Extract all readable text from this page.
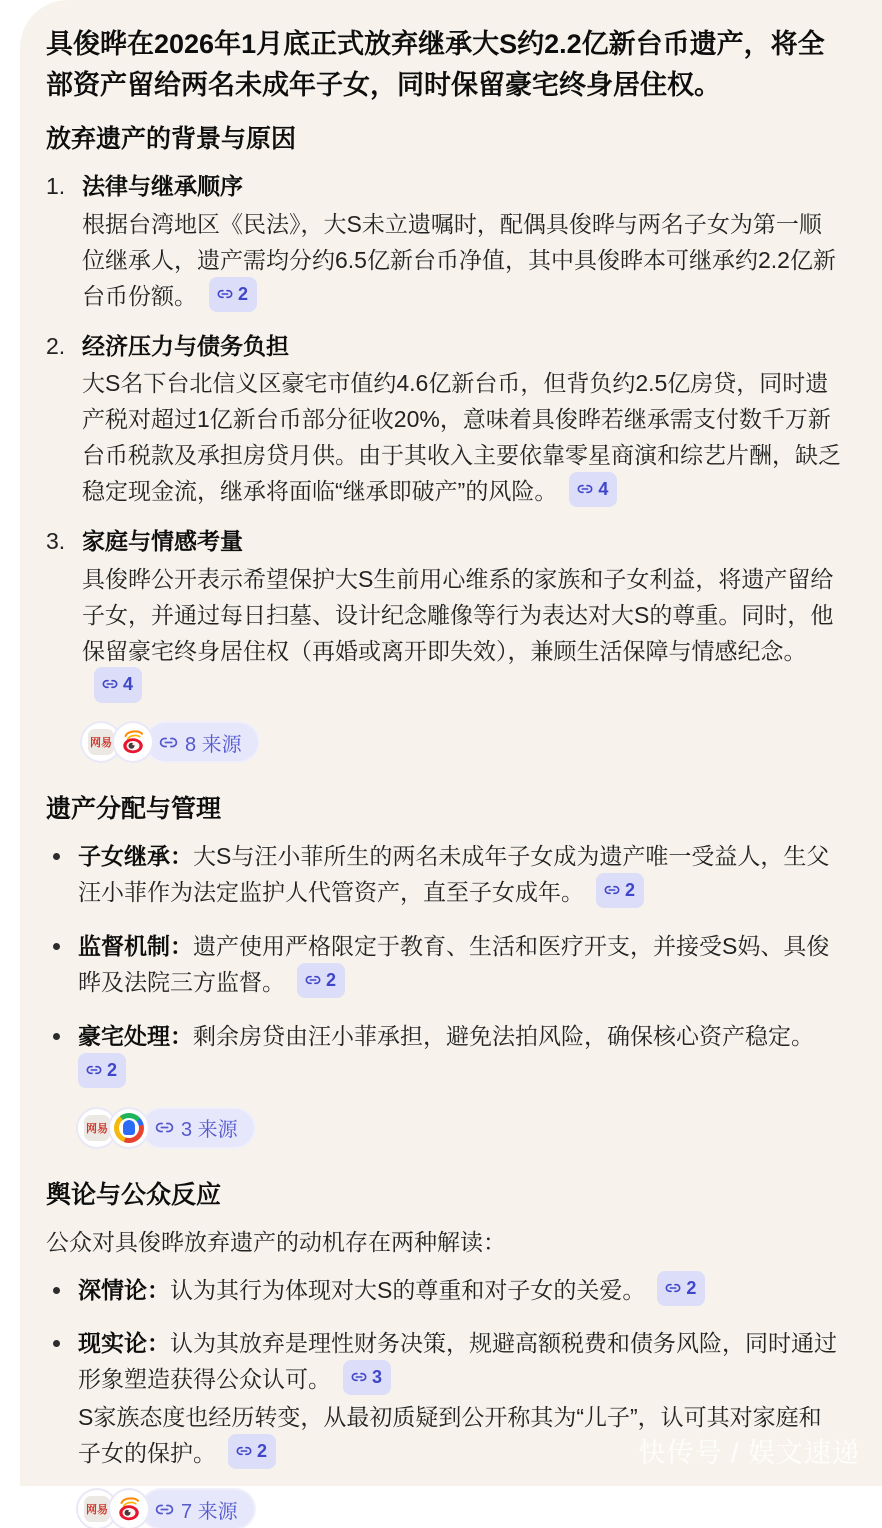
具俊晔在2026年1月底正式放弃继承大S约2.2亿新台币遗产，将全部资产留给两名未成年子女，同时保留豪宅终身居住权。

放弃遗产的背景与原因
1. 法律与继承顺序
根据台湾地区《民法》，大S未立遗嘱时，配偶具俊晔与两名子女为第一顺位继承人，遗产需均分约6.5亿新台币净值，其中具俊晔本可继承约2.2亿新台币份额。 2
2. 经济压力与债务负担
大S名下台北信义区豪宅市值约4.6亿新台币，但背负约2.5亿房贷，同时遗产税对超过1亿新台币部分征收20%，意味着具俊晔若继承需支付数千万新台币税款及承担房贷月供。由于其收入主要依靠零星商演和综艺片酬，缺乏稳定现金流，继承将面临“继承即破产”的风险。 4
3. 家庭与情感考量
具俊晔公开表示希望保护大S生前用心维系的家族和子女利益，将遗产留给子女，并通过每日扫墓、设计纪念雕像等行为表达对大S的尊重。同时，他保留豪宅终身居住权（再婚或离开即失效），兼顾生活保障与情感纪念。
4
网易	8 来源
遗产分配与管理
子女继承：大S与汪小菲所生的两名未成年子女成为遗产唯一受益人，生父汪小菲作为法定监护人代管资产，直至子女成年。 2
监督机制：遗产使用严格限定于教育、生活和医疗开支，并接受S妈、具俊晔及法院三方监督。 2
豪宅处理：剩余房贷由汪小菲承担，避免法拍风险，确保核心资产稳定。

2
网易	3 来源
舆论与公众反应

公众对具俊晔放弃遗产的动机存在两种解读：

深情论：认为其行为体现对大S的尊重和对子女的关爱。 2
现实论：认为其放弃是理性财务决策，规避高额税费和债务风险，同时通过形象塑造获得公众认可。 3
S家族态度也经历转变，从最初质疑到公开称其为“儿子”，认可其对家庭和子女的保护。 2
网易	7 来源
快传号 / 娱文速递
